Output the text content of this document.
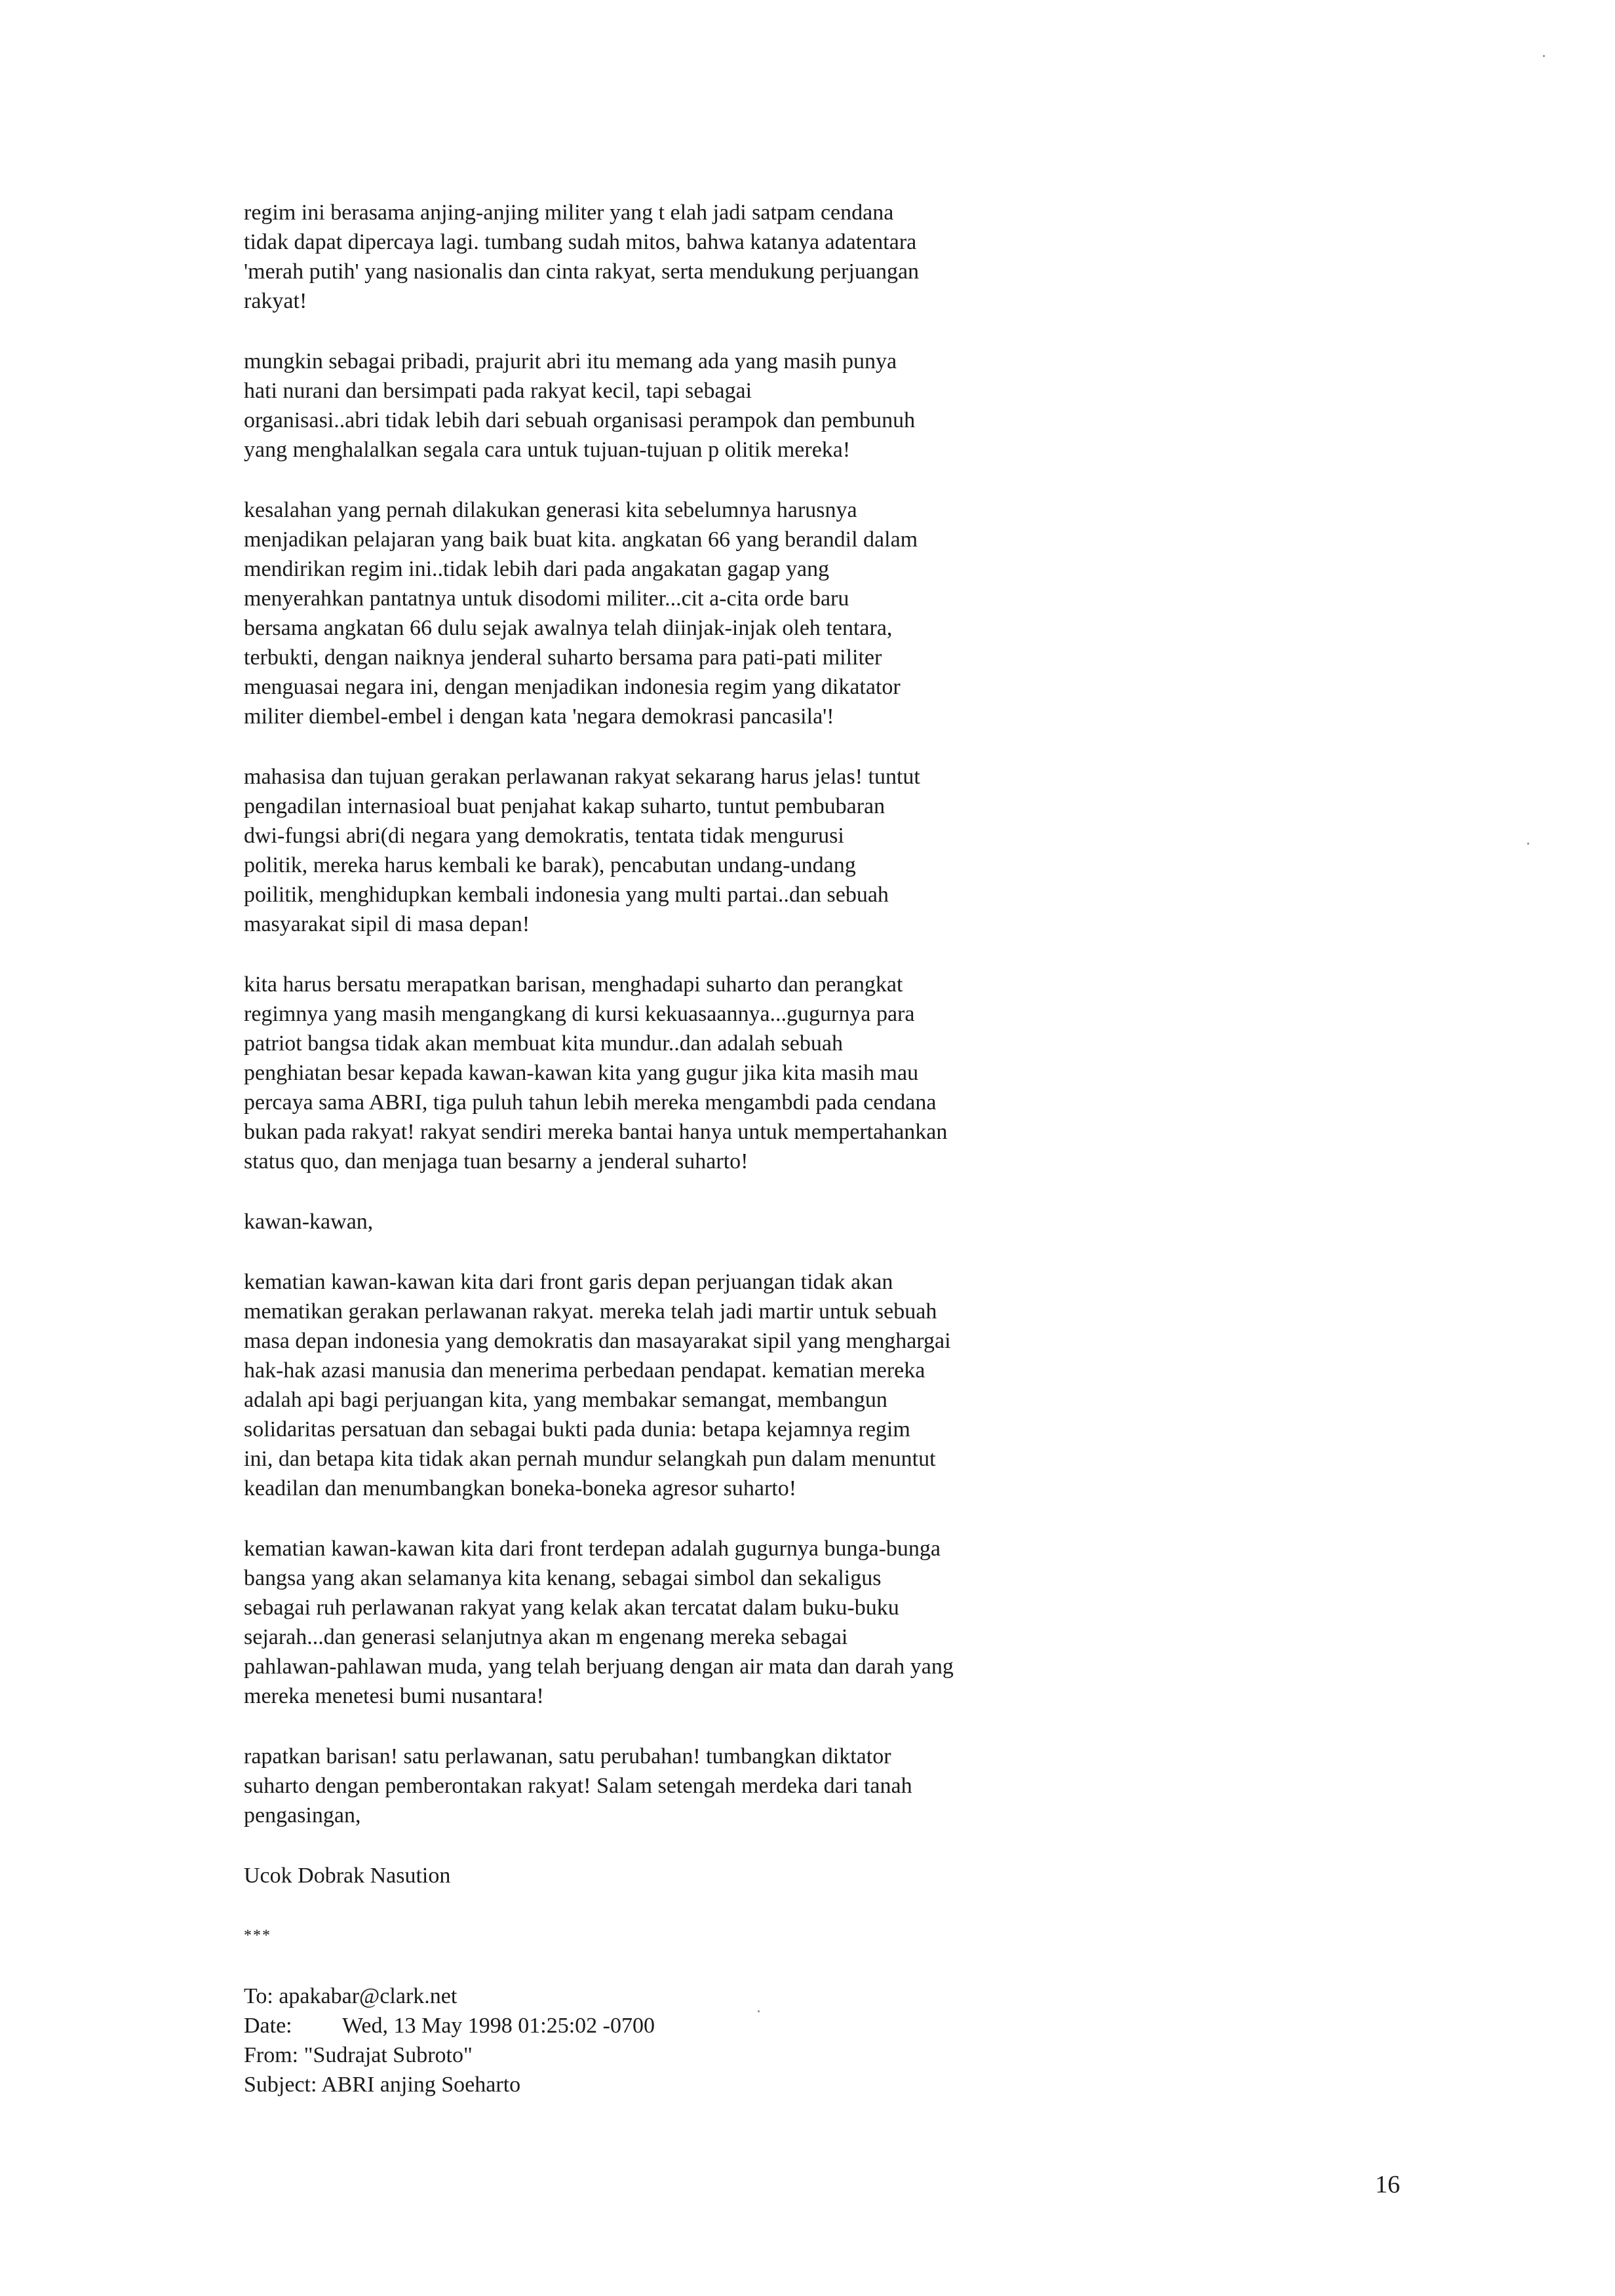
regim ini berasama anjing-anjing militer yang t elah jadi satpam cendana
tidak dapat dipercaya lagi. tumbang sudah mitos, bahwa katanya adatentara
'merah putih' yang nasionalis dan cinta rakyat, serta mendukung perjuangan
rakyat!
mungkin sebagai pribadi, prajurit abri itu memang ada yang masih punya
hati nurani dan bersimpati pada rakyat kecil, tapi sebagai
organisasi..abri tidak lebih dari sebuah organisasi perampok dan pembunuh
yang menghalalkan segala cara untuk tujuan-tujuan p olitik mereka!
kesalahan yang pernah dilakukan generasi kita sebelumnya harusnya
menjadikan pelajaran yang baik buat kita. angkatan 66 yang berandil dalam
mendirikan regim ini..tidak lebih dari pada angakatan gagap yang
menyerahkan pantatnya untuk disodomi militer...cit a-cita orde baru
bersama angkatan 66 dulu sejak awalnya telah diinjak-injak oleh tentara,
terbukti, dengan naiknya jenderal suharto bersama para pati-pati militer
menguasai negara ini, dengan menjadikan indonesia regim yang dikatator
militer diembel-embel i dengan kata 'negara demokrasi pancasila'!
mahasisa dan tujuan gerakan perlawanan rakyat sekarang harus jelas! tuntut
pengadilan internasioal buat penjahat kakap suharto, tuntut pembubaran
dwi-fungsi abri(di negara yang demokratis, tentata tidak mengurusi
politik, mereka harus kembali ke barak), pencabutan undang-undang
poilitik, menghidupkan kembali indonesia yang multi partai..dan sebuah
masyarakat sipil di masa depan!
kita harus bersatu merapatkan barisan, menghadapi suharto dan perangkat
regimnya yang masih mengangkang di kursi kekuasaannya...gugurnya para
patriot bangsa tidak akan membuat kita mundur..dan adalah sebuah
penghiatan besar kepada kawan-kawan kita yang gugur jika kita masih mau
percaya sama ABRI, tiga puluh tahun lebih mereka mengambdi pada cendana
bukan pada rakyat! rakyat sendiri mereka bantai hanya untuk mempertahankan
status quo, dan menjaga tuan besarny a jenderal suharto!
kawan-kawan,
kematian kawan-kawan kita dari front garis depan perjuangan tidak akan
mematikan gerakan perlawanan rakyat. mereka telah jadi martir untuk sebuah
masa depan indonesia yang demokratis dan masayarakat sipil yang menghargai
hak-hak azasi manusia dan menerima perbedaan pendapat. kematian mereka
adalah api bagi perjuangan kita, yang membakar semangat, membangun
solidaritas persatuan dan sebagai bukti pada dunia: betapa kejamnya regim
ini, dan betapa kita tidak akan pernah mundur selangkah pun dalam menuntut
keadilan dan menumbangkan boneka-boneka agresor suharto!
kematian kawan-kawan kita dari front terdepan adalah gugurnya bunga-bunga
bangsa yang akan selamanya kita kenang, sebagai simbol dan sekaligus
sebagai ruh perlawanan rakyat yang kelak akan tercatat dalam buku-buku
sejarah...dan generasi selanjutnya akan m engenang mereka sebagai
pahlawan-pahlawan muda, yang telah berjuang dengan air mata dan darah yang
mereka menetesi bumi nusantara!
rapatkan barisan! satu perlawanan, satu perubahan! tumbangkan diktator
suharto dengan pemberontakan rakyat! Salam setengah merdeka dari tanah
pengasingan,
Ucok Dobrak Nasution
***
To: apakabar@clark.net
Date: Wed, 13 May 1998 01:25:02 -0700
From: "Sudrajat Subroto"
Subject: ABRI anjing Soeharto
16
